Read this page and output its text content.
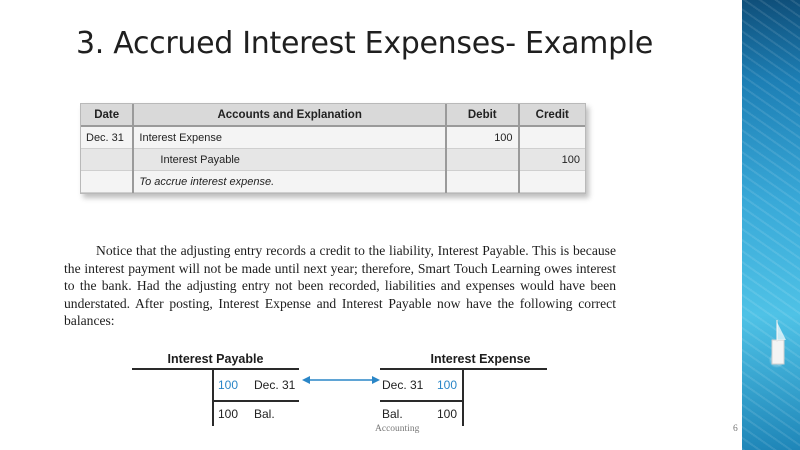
3. Accrued Interest Expenses- Example
Date	Accounts and Explanation	Debit	Credit
Dec. 31	Interest Expense	100	
	Interest Payable		100
	To accrue interest expense.		
Notice that the adjusting entry records a credit to the liability, Interest Payable. This is because the interest payment will not be made until next year; therefore, Smart Touch Learning owes interest to the bank. Had the adjusting entry not been recorded, liabilities and expenses would have been understated. After posting, Interest Expense and Interest Payable now have the following correct balances:
Interest Payable
100 Dec. 31
100 Bal.
Interest Expense
Dec. 31 100
Bal.	100
Accounting	6
